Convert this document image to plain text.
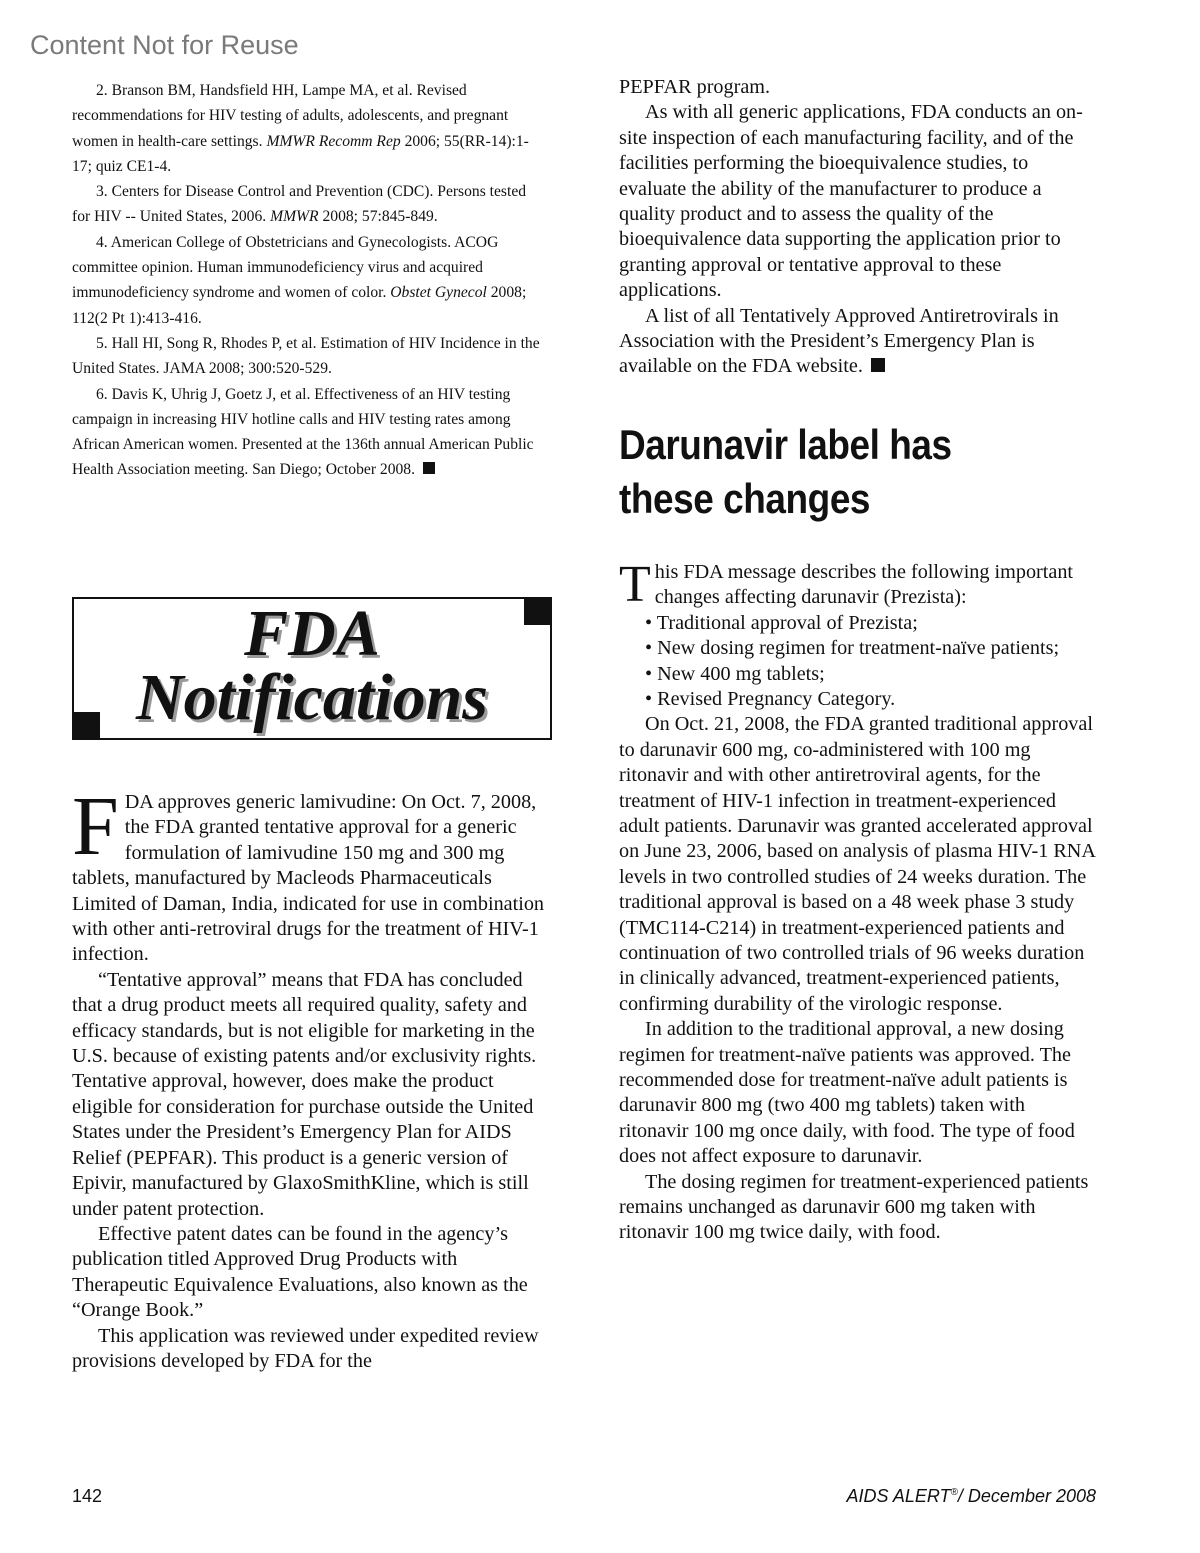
Content Not for Reuse

2. Branson BM, Handsfield HH, Lampe MA, et al. Revised recommendations for HIV testing of adults, adolescents, and pregnant women in health-care settings. MMWR Recomm Rep 2006; 55(RR-14):1-17; quiz CE1-4.

3. Centers for Disease Control and Prevention (CDC). Persons tested for HIV -- United States, 2006. MMWR 2008; 57:845-849.

4. American College of Obstetricians and Gynecologists. ACOG committee opinion. Human immunodeficiency virus and acquired immunodeficiency syndrome and women of color. Obstet Gynecol 2008; 112(2 Pt 1):413-416.

5. Hall HI, Song R, Rhodes P, et al. Estimation of HIV Incidence in the United States. JAMA 2008; 300:520-529.

6. Davis K, Uhrig J, Goetz J, et al. Effectiveness of an HIV testing campaign in increasing HIV hotline calls and HIV testing rates among African American women. Presented at the 136th annual American Public Health Association meeting. San Diego; October 2008.

FDA
Notifications

FDA approves generic lamivudine: On Oct. 7, 2008, the FDA granted tentative approval for a generic formulation of lamivudine 150 mg and 300 mg tablets, manufactured by Macleods Pharmaceuticals Limited of Daman, India, indicated for use in combination with other anti-retroviral drugs for the treatment of HIV-1 infection.

“Tentative approval” means that FDA has concluded that a drug product meets all required quality, safety and efficacy standards, but is not eligible for marketing in the U.S. because of existing patents and/or exclusivity rights. Tentative approval, however, does make the product eligible for consideration for purchase outside the United States under the President’s Emergency Plan for AIDS Relief (PEPFAR). This product is a generic version of Epivir, manufactured by GlaxoSmithKline, which is still under patent protection.

Effective patent dates can be found in the agency’s publication titled Approved Drug Products with Therapeutic Equivalence Evaluations, also known as the “Orange Book.”

This application was reviewed under expedited review provisions developed by FDA for the

PEPFAR program.

As with all generic applications, FDA conducts an on-site inspection of each manufacturing facility, and of the facilities performing the bioequivalence studies, to evaluate the ability of the manufacturer to produce a quality product and to assess the quality of the bioequivalence data supporting the application prior to granting approval or tentative approval to these applications.

A list of all Tentatively Approved Antiretrovirals in Association with the President’s Emergency Plan is available on the FDA website.

Darunavir label has
these changes

This FDA message describes the following important changes affecting darunavir (Prezista):

• Traditional approval of Prezista;

• New dosing regimen for treatment-naïve patients;

• New 400 mg tablets;

• Revised Pregnancy Category.

On Oct. 21, 2008, the FDA granted traditional approval to darunavir 600 mg, co-administered with 100 mg ritonavir and with other antiretroviral agents, for the treatment of HIV-1 infection in treatment-experienced adult patients. Darunavir was granted accelerated approval on June 23, 2006, based on analysis of plasma HIV-1 RNA levels in two controlled studies of 24 weeks duration. The traditional approval is based on a 48 week phase 3 study (TMC114-C214) in treatment-experienced patients and continuation of two controlled trials of 96 weeks duration in clinically advanced, treatment-experienced patients, confirming durability of the virologic response.

In addition to the traditional approval, a new dosing regimen for treatment-naïve patients was approved. The recommended dose for treatment-naïve adult patients is darunavir 800 mg (two 400 mg tablets) taken with ritonavir 100 mg once daily, with food. The type of food does not affect exposure to darunavir.

The dosing regimen for treatment-experienced patients remains unchanged as darunavir 600 mg taken with ritonavir 100 mg twice daily, with food.

142	AIDS ALERT®/ December 2008
